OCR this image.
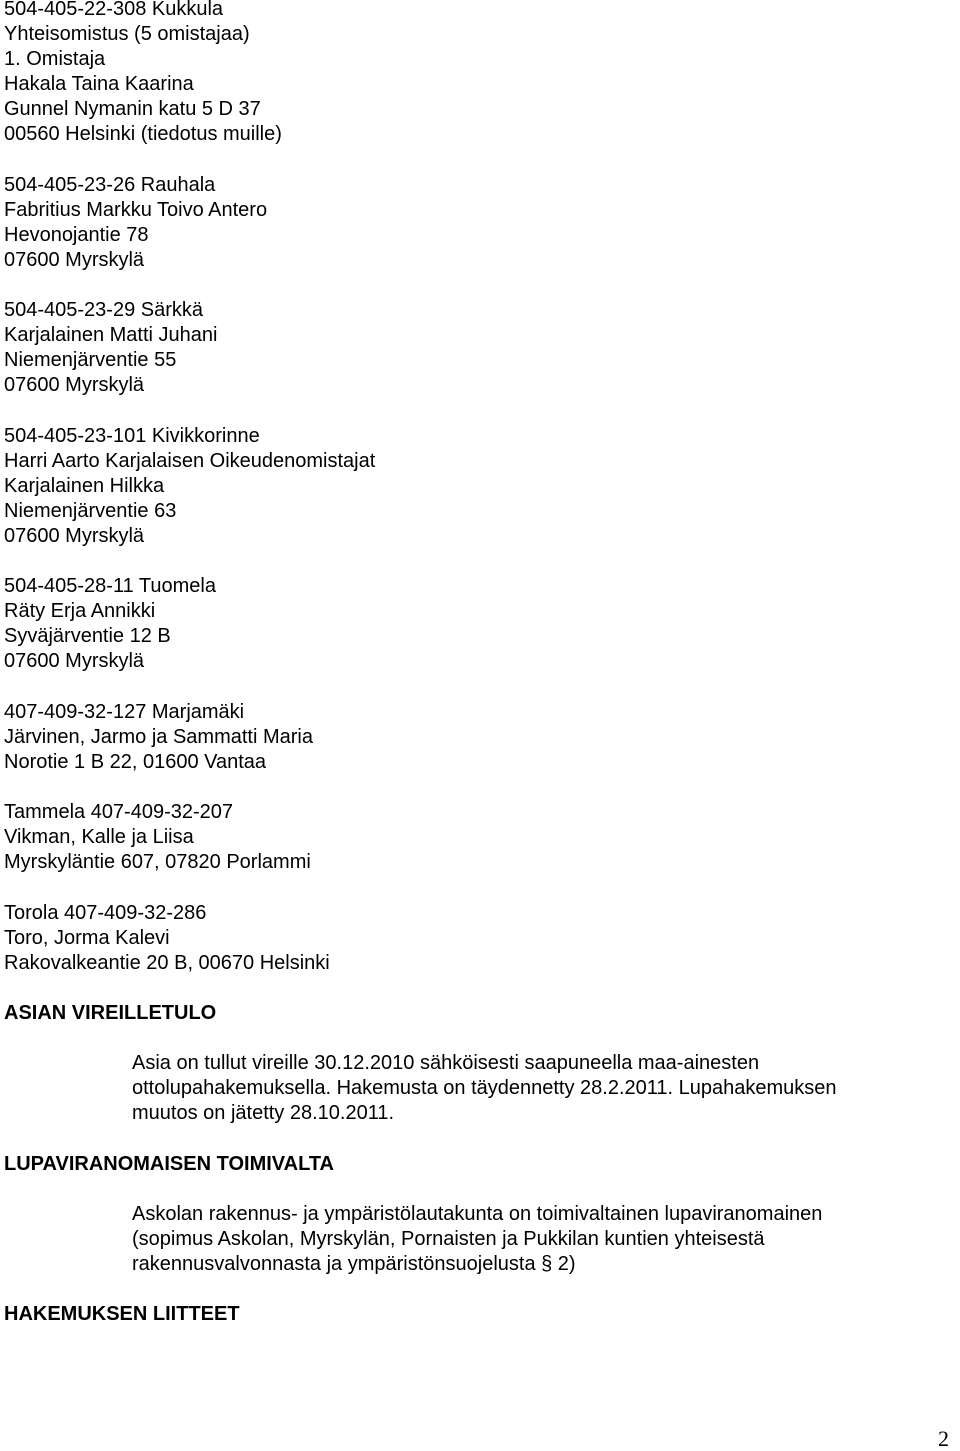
504-405-22-308 Kukkula
Yhteisomistus (5 omistajaa)
1. Omistaja
Hakala Taina Kaarina
Gunnel Nymanin katu 5 D 37
00560 Helsinki (tiedotus muille)
504-405-23-26 Rauhala
Fabritius Markku Toivo Antero
Hevonojantie 78
07600 Myrskylä
504-405-23-29 Särkkä
Karjalainen Matti Juhani
Niemenjärventie 55
07600 Myrskylä
504-405-23-101 Kivikkorinne
Harri Aarto Karjalaisen Oikeudenomistajat
Karjalainen Hilkka
Niemenjärventie 63
07600 Myrskylä
504-405-28-11 Tuomela
Räty Erja Annikki
Syväjärventie 12 B
07600 Myrskylä
407-409-32-127 Marjamäki
Järvinen, Jarmo ja Sammatti Maria
Norotie 1 B 22, 01600 Vantaa
Tammela 407-409-32-207
Vikman, Kalle ja Liisa
Myrskyläntie 607, 07820 Porlammi
Torola 407-409-32-286
Toro, Jorma Kalevi
Rakovalkeantie 20 B, 00670 Helsinki
ASIAN VIREILLETULO
Asia on tullut vireille 30.12.2010 sähköisesti saapuneella maa-ainesten
ottolupahakemuksella. Hakemusta on täydennetty 28.2.2011. Lupahakemuksen
muutos on jätetty 28.10.2011.
LUPAVIRANOMAISEN TOIMIVALTA
Askolan rakennus- ja ympäristölautakunta on toimivaltainen lupaviranomainen
(sopimus Askolan, Myrskylän, Pornaisten ja Pukkilan kuntien yhteisestä
rakennusvalvonnasta ja ympäristönsuojelusta § 2)
HAKEMUKSEN LIITTEET
2
